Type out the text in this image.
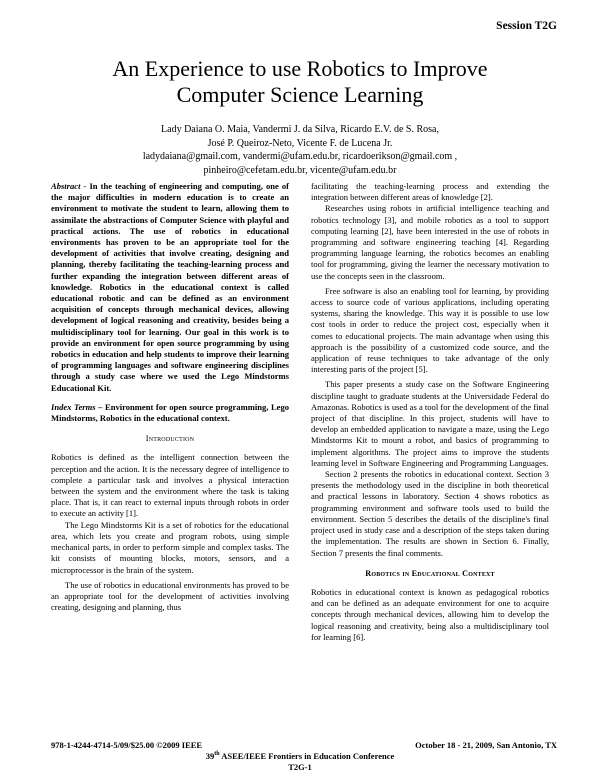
Session T2G
An Experience to use Robotics to Improve
Computer Science Learning
Lady Daiana O. Maia, Vandermi J. da Silva, Ricardo E.V. de S. Rosa,
José P. Queiroz-Neto, Vicente F. de Lucena Jr.
ladydaiana@gmail.com, vandermi@ufam.edu.br, ricardoerikson@gmail.com ,
pinheiro@cefetam.edu.br, vicente@ufam.edu.br

Abstract - In the teaching of engineering and computing, one of the major difficulties in modern education is to create an environment to motivate the student to learn, allowing them to assimilate the abstractions of Computer Science with playful and practical actions. The use of robotics in educational environments has proven to be an appropriate tool for the development of activities that involve creating, designing and planning, thereby facilitating the teaching-learning process and further expanding the integration between different areas of knowledge. Robotics in the educational context is called educational robotic and can be defined as an environment acquisition of concepts through mechanical devices, allowing development of logical reasoning and creativity, besides being a multidisciplinary tool for learning. Our goal in this work is to provide an environment for open source programming by using robotics in education and help students to improve their learning of programming languages and software engineering disciplines through a study case where we used the Lego Mindstorms Educational Kit.

Index Terms – Environment for open source programming, Lego Mindstorms, Robotics in the educational context.

Introduction

Robotics is defined as the intelligent connection between the perception and the action. It is the necessary degree of intelligence to complete a particular task and involves a physical interaction between the system and the environment where the task is taking place. That is, it can react to external inputs through robots in order to execute an activity [1].

The Lego Mindstorms Kit is a set of robotics for the educational area, which lets you create and program robots, using simple mechanical parts, in order to perform simple and complex tasks. The kit consists of mounting blocks, motors, sensors, and a microprocessor is the brain of the system.

The use of robotics in educational environments has proved to be an appropriate tool for the development of activities involving creating, designing and planning, thus

facilitating the teaching-learning process and extending the integration between different areas of knowledge [2].

Researches using robots in artificial intelligence teaching and robotics technology [3], and mobile robotics as a tool to support computing learning [2], have been interested in the use of robots in programming and software engineering teaching [4]. Regarding programming language learning, the robotics becomes an enabling tool for programming, giving the learner the necessary motivation to use the concepts seen in the classroom.

Free software is also an enabling tool for learning, by providing access to source code of various applications, including operating systems, sharing the knowledge. This way it is possible to use low cost tools in order to reduce the project cost, especially when it comes to educational projects. The main advantage when using this approach is the possibility of a customized code source, and the application of reuse techniques to take advantage of the only interesting parts of the project [5].

This paper presents a study case on the Software Engineering discipline taught to graduate students at the Universidade Federal do Amazonas. Robotics is used as a tool for the development of the final project of that discipline. In this project, students will have to develop an embedded application to navigate a maze, using the Lego Mindstorms Kit to mount a robot, and basics of programming to implement algorithms. The project aims to improve the students learning level in Software Engineering and Programming Languages.

Section 2 presents the robotics in educational context. Section 3 presents the methodology used in the discipline in both theoretical and practical lessons in laboratory. Section 4 shows robotics as programming environment and software tools used to build the environment. Section 5 describes the details of the discipline's final project used in study case and a description of the steps taken during the implementation. The results are shown in Section 6. Finally, Section 7 presents the final comments.

Robotics in Educational Context

Robotics in educational context is known as pedagogical robotics and can be defined as an adequate environment for one to acquire concepts through mechanical devices, allowing him to develop the logical reasoning and creativity, being also a multidisciplinary tool for learning [6].

978-1-4244-4714-5/09/$25.00 ©2009 IEEE	October 18 - 21, 2009, San Antonio, TX
39th ASEE/IEEE Frontiers in Education Conference
T2G-1
